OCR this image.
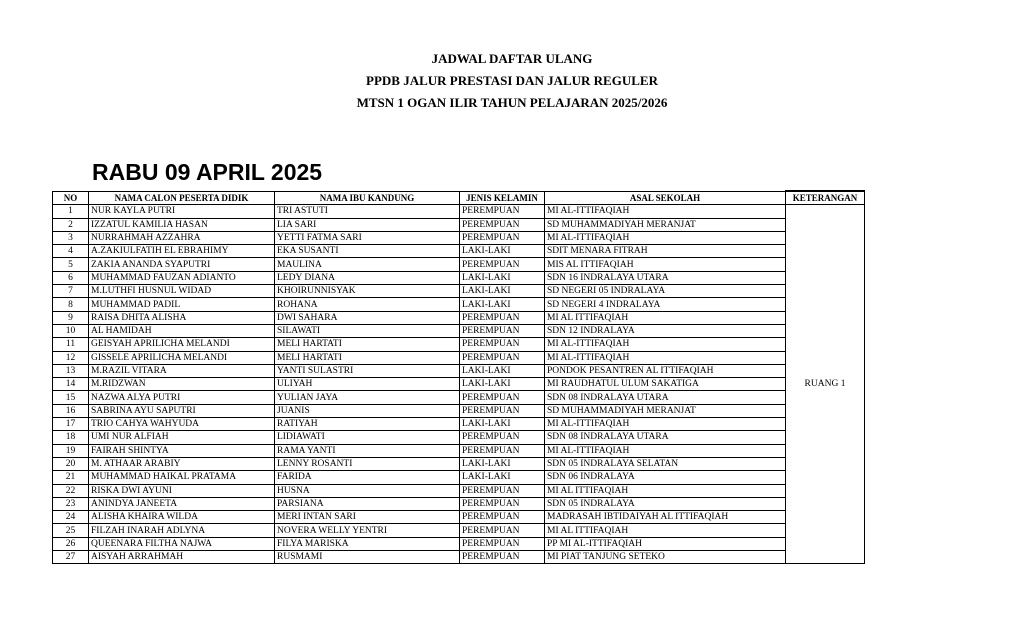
JADWAL DAFTAR ULANG
PPDB JALUR PRESTASI DAN JALUR REGULER
MTSN 1 OGAN ILIR TAHUN PELAJARAN 2025/2026
RABU 09 APRIL 2025
NO	NAMA CALON PESERTA DIDIK	NAMA IBU KANDUNG	JENIS KELAMIN	ASAL SEKOLAH	KETERANGAN
1	NUR KAYLA PUTRI	TRI ASTUTI	PEREMPUAN	MI AL-ITTIFAQIAH	RUANG 1
2	IZZATUL KAMILIA HASAN	LIA SARI	PEREMPUAN	SD MUHAMMADIYAH MERANJAT	
3	NURRAHMAH AZZAHRA	YETTI FATMA SARI	PEREMPUAN	MI AL-ITTIFAQIAH	
4	A.ZAKIULFATIH EL EBRAHIMY	EKA SUSANTI	LAKI-LAKI	SDIT MENARA FITRAH	
5	ZAKIA ANANDA SYAPUTRI	MAULINA	PEREMPUAN	MIS AL ITTIFAQIAH	
6	MUHAMMAD FAUZAN ADIANTO	LEDY DIANA	LAKI-LAKI	SDN 16 INDRALAYA UTARA	
7	M.LUTHFI HUSNUL WIDAD	KHOIRUNNISYAK	LAKI-LAKI	SD NEGERI 05 INDRALAYA	
8	MUHAMMAD PADIL	ROHANA	LAKI-LAKI	SD NEGERI 4 INDRALAYA	
9	RAISA DHITA ALISHA	DWI SAHARA	PEREMPUAN	MI AL ITTIFAQIAH	
10	AL HAMIDAH	SILAWATI	PEREMPUAN	SDN 12 INDRALAYA	
11	GEISYAH APRILICHA MELANDI	MELI HARTATI	PEREMPUAN	MI AL-ITTIFAQIAH	
12	GISSELE APRILICHA MELANDI	MELI HARTATI	PEREMPUAN	MI AL-ITTIFAQIAH	
13	M.RAZIL VITARA	YANTI SULASTRI	LAKI-LAKI	PONDOK PESANTREN AL ITTIFAQIAH	
14	M.RIDZWAN	ULIYAH	LAKI-LAKI	MI RAUDHATUL ULUM SAKATIGA	
15	NAZWA ALYA PUTRI	YULIAN JAYA	PEREMPUAN	SDN 08 INDRALAYA UTARA	
16	SABRINA AYU SAPUTRI	JUANIS	PEREMPUAN	SD MUHAMMADIYAH MERANJAT	
17	TRIO CAHYA WAHYUDA	RATIYAH	LAKI-LAKI	MI AL-ITTIFAQIAH	
18	UMI NUR ALFIAH	LIDIAWATI	PEREMPUAN	SDN 08 INDRALAYA UTARA	
19	FAIRAH SHINTYA	RAMA YANTI	PEREMPUAN	MI AL-ITTIFAQIAH	
20	M. ATHAAR ARABIY	LENNY ROSANTI	LAKI-LAKI	SDN 05 INDRALAYA SELATAN	
21	MUHAMMAD HAIKAL PRATAMA	FARIDA	LAKI-LAKI	SDN 06 INDRALAYA	
22	RISKA DWI AYUNI	HUSNA	PEREMPUAN	MI AL ITTIFAQIAH	
23	ANINDYA JANEETA	PARSIANA	PEREMPUAN	SDN 05 INDRALAYA	
24	ALISHA KHAIRA WILDA	MERI INTAN SARI	PEREMPUAN	MADRASAH IBTIDAIYAH AL ITTIFAQIAH	
25	FILZAH INARAH ADLYNA	NOVERA WELLY YENTRI	PEREMPUAN	MI AL ITTIFAQIAH	
26	QUEENARA FILTHA NAJWA	FILYA MARISKA	PEREMPUAN	PP MI AL-ITTIFAQIAH	
27	AISYAH ARRAHMAH	RUSMAMI	PEREMPUAN	MI PIAT TANJUNG SETEKO	
